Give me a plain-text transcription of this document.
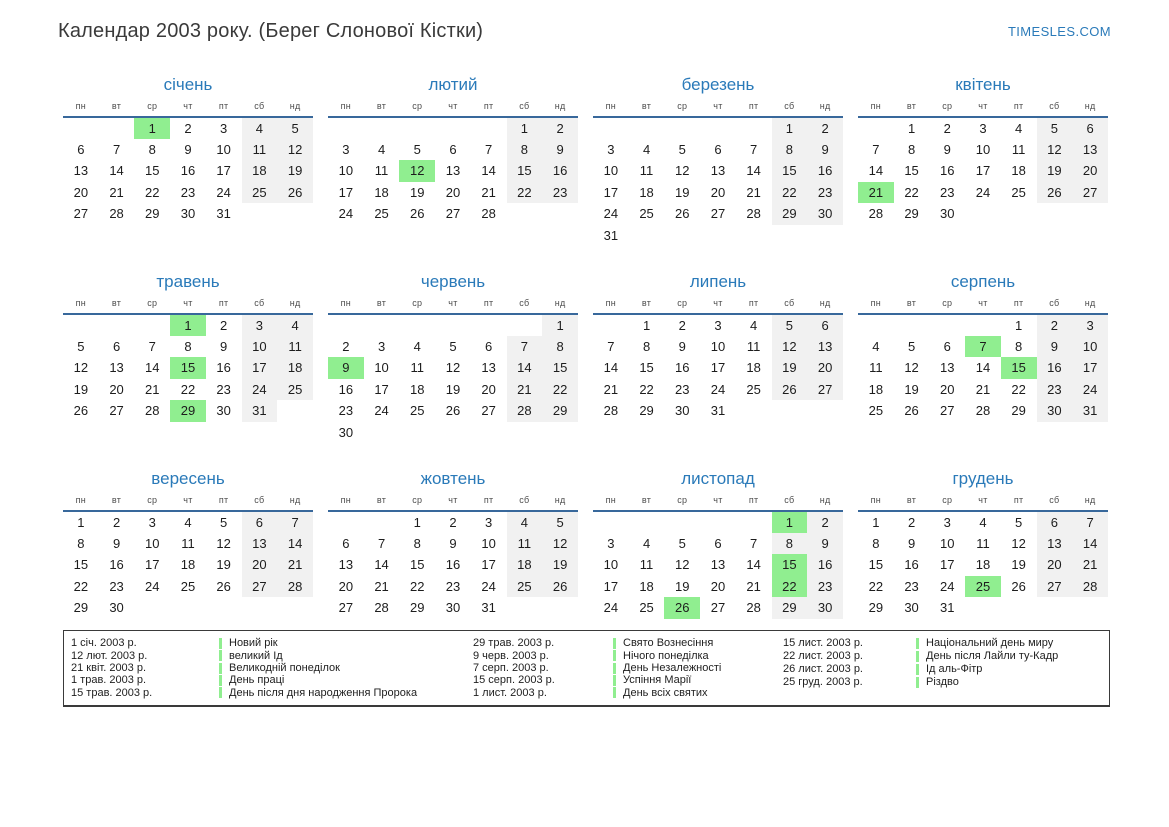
Календар 2003 року. (Берег Слонової Кістки)	TIMESLES.COM
січень
пн	вт	ср	чт	пт	сб	нд
		1	2	3	4	5
6	7	8	9	10	11	12
13	14	15	16	17	18	19
20	21	22	23	24	25	26
27	28	29	30	31		
лютий
пн	вт	ср	чт	пт	сб	нд
					1	2
3	4	5	6	7	8	9
10	11	12	13	14	15	16
17	18	19	20	21	22	23
24	25	26	27	28		
березень
пн	вт	ср	чт	пт	сб	нд
					1	2
3	4	5	6	7	8	9
10	11	12	13	14	15	16
17	18	19	20	21	22	23
24	25	26	27	28	29	30
31						
квітень
пн	вт	ср	чт	пт	сб	нд
	1	2	3	4	5	6
7	8	9	10	11	12	13
14	15	16	17	18	19	20
21	22	23	24	25	26	27
28	29	30				
травень
пн	вт	ср	чт	пт	сб	нд
			1	2	3	4
5	6	7	8	9	10	11
12	13	14	15	16	17	18
19	20	21	22	23	24	25
26	27	28	29	30	31	
червень
пн	вт	ср	чт	пт	сб	нд
						1
2	3	4	5	6	7	8
9	10	11	12	13	14	15
16	17	18	19	20	21	22
23	24	25	26	27	28	29
30						
липень
пн	вт	ср	чт	пт	сб	нд
	1	2	3	4	5	6
7	8	9	10	11	12	13
14	15	16	17	18	19	20
21	22	23	24	25	26	27
28	29	30	31			
серпень
пн	вт	ср	чт	пт	сб	нд
				1	2	3
4	5	6	7	8	9	10
11	12	13	14	15	16	17
18	19	20	21	22	23	24
25	26	27	28	29	30	31
вересень
пн	вт	ср	чт	пт	сб	нд
1	2	3	4	5	6	7
8	9	10	11	12	13	14
15	16	17	18	19	20	21
22	23	24	25	26	27	28
29	30					
жовтень
пн	вт	ср	чт	пт	сб	нд
		1	2	3	4	5
6	7	8	9	10	11	12
13	14	15	16	17	18	19
20	21	22	23	24	25	26
27	28	29	30	31		
листопад
пн	вт	ср	чт	пт	сб	нд
					1	2
3	4	5	6	7	8	9
10	11	12	13	14	15	16
17	18	19	20	21	22	23
24	25	26	27	28	29	30
грудень
пн	вт	ср	чт	пт	сб	нд
1	2	3	4	5	6	7
8	9	10	11	12	13	14
15	16	17	18	19	20	21
22	23	24	25	26	27	28
29	30	31				
1 січ. 2003 р.	Новий рік
12 лют. 2003 р.	великий Ід
21 квіт. 2003 р.	Великодній понеділок
1 трав. 2003 р.	День праці
15 трав. 2003 р.	День після дня народження Пророка
29 трав. 2003 р.	Свято Вознесіння
9 черв. 2003 р.	Нічого понеділка
7 серп. 2003 р.	День Незалежності
15 серп. 2003 р.	Успіння Марії
1 лист. 2003 р.	День всіх святих
15 лист. 2003 р.	Національний день миру
22 лист. 2003 р.	День після Лайли ту-Кадр
26 лист. 2003 р.	Ід аль-Фітр
25 груд. 2003 р.	Різдво
